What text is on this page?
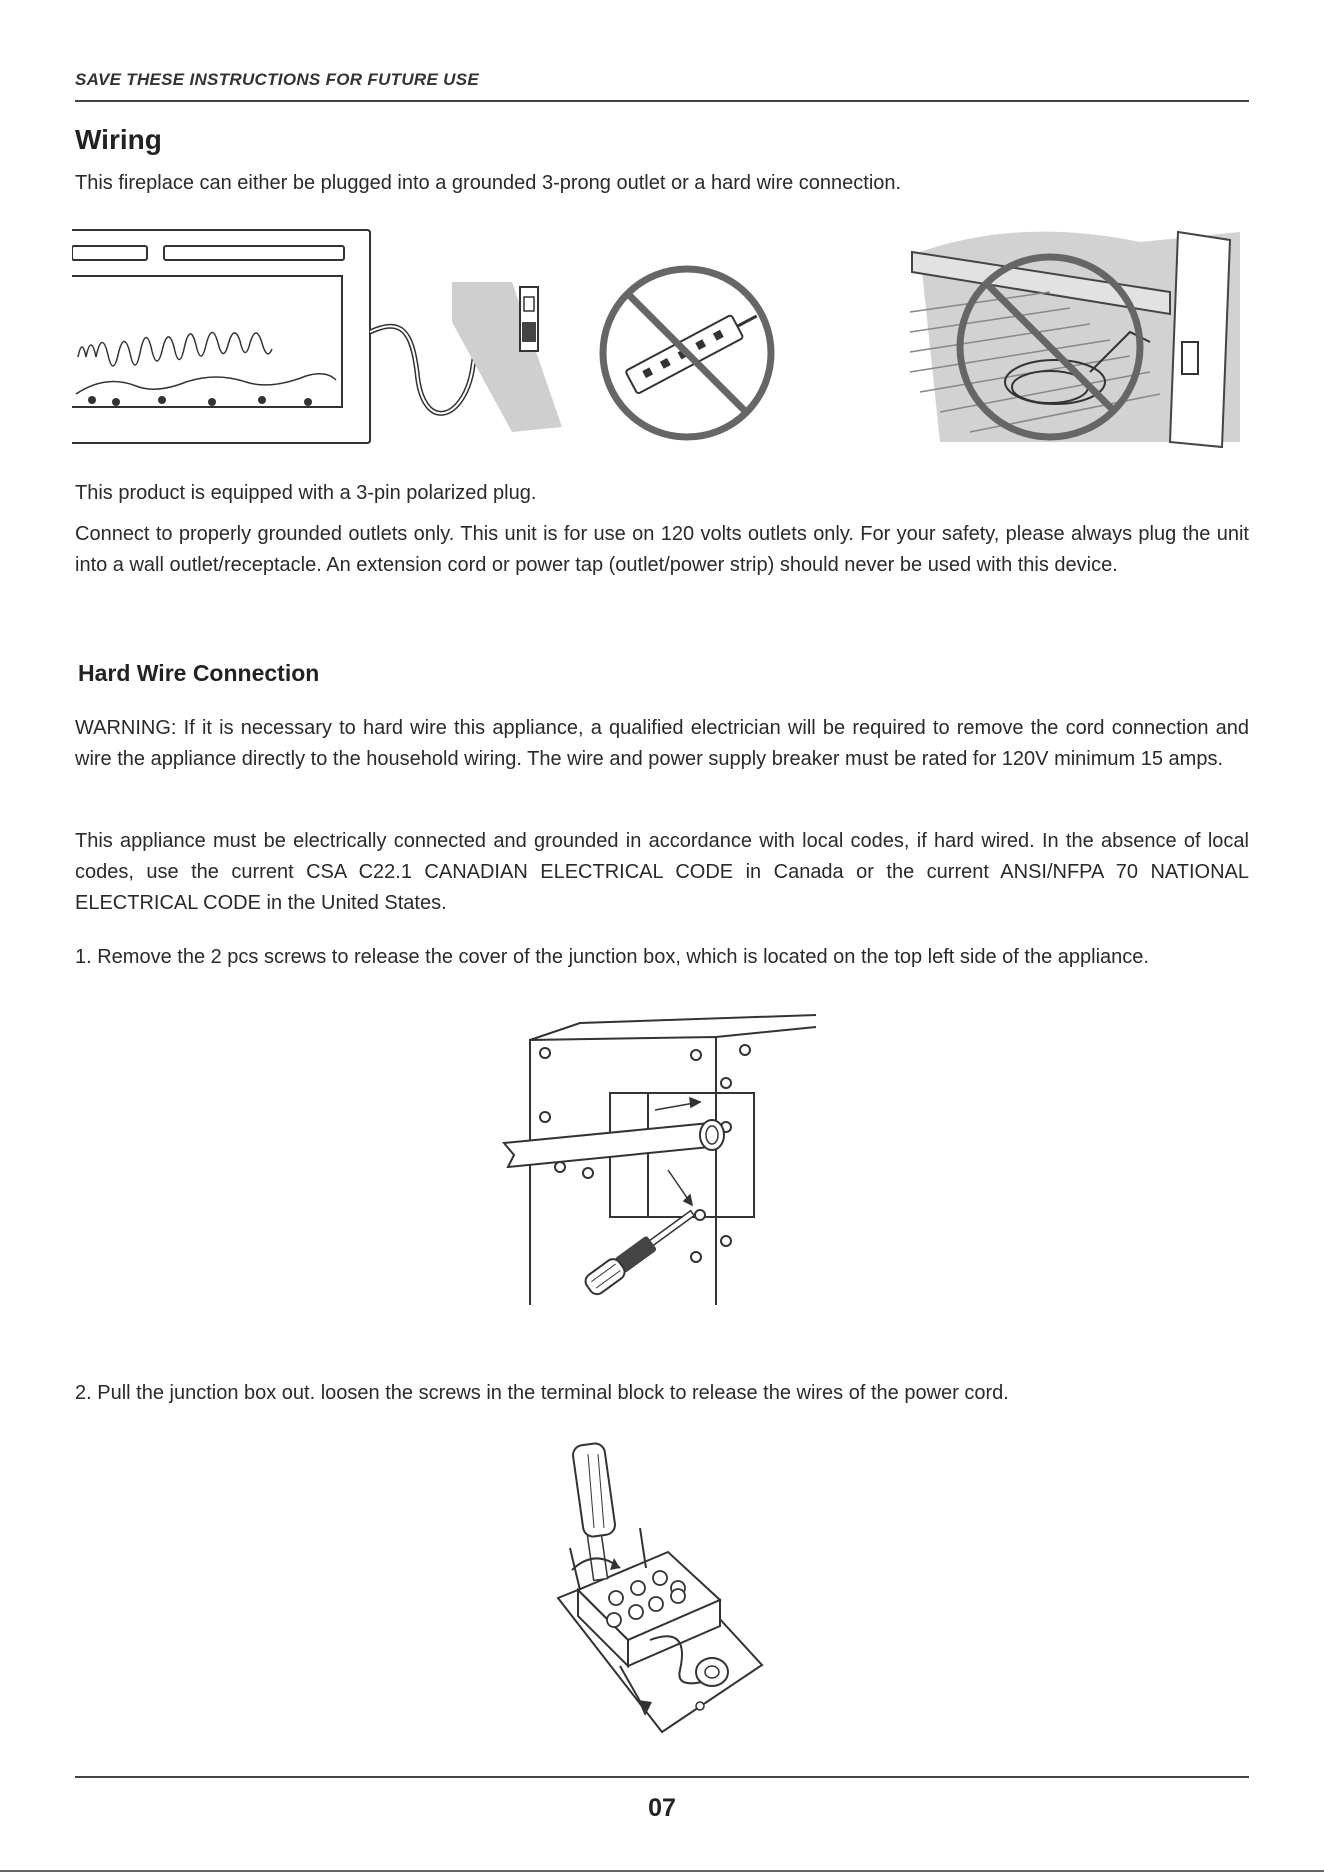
SAVE THESE INSTRUCTIONS FOR FUTURE USE
Wiring

This fireplace can either be plugged into a grounded 3-prong outlet or a hard wire connection.

This product is equipped with a 3-pin polarized plug.

Connect to properly grounded outlets only. This unit is for use on 120 volts outlets only. For your safety, please always plug the unit into a wall outlet/receptacle. An extension cord or power tap (outlet/power strip) should never be used with this device.

Hard Wire Connection

WARNING: If it is necessary to hard wire this appliance, a qualified electrician will be required to remove the cord connection and wire the appliance directly to the household wiring. The wire and power supply breaker must be rated for 120V minimum 15 amps.

This appliance must be electrically connected and grounded in accordance with local codes, if hard wired. In the absence of local codes, use the current CSA C22.1 CANADIAN ELECTRICAL CODE in Canada or the current ANSI/NFPA 70 NATIONAL ELECTRICAL CODE in the United States.

1. Remove the 2 pcs screws to release the cover of the junction box, which is located on the top left side of the appliance.

2. Pull the junction box out. loosen the screws in the terminal block to release the wires of the power cord.

07
